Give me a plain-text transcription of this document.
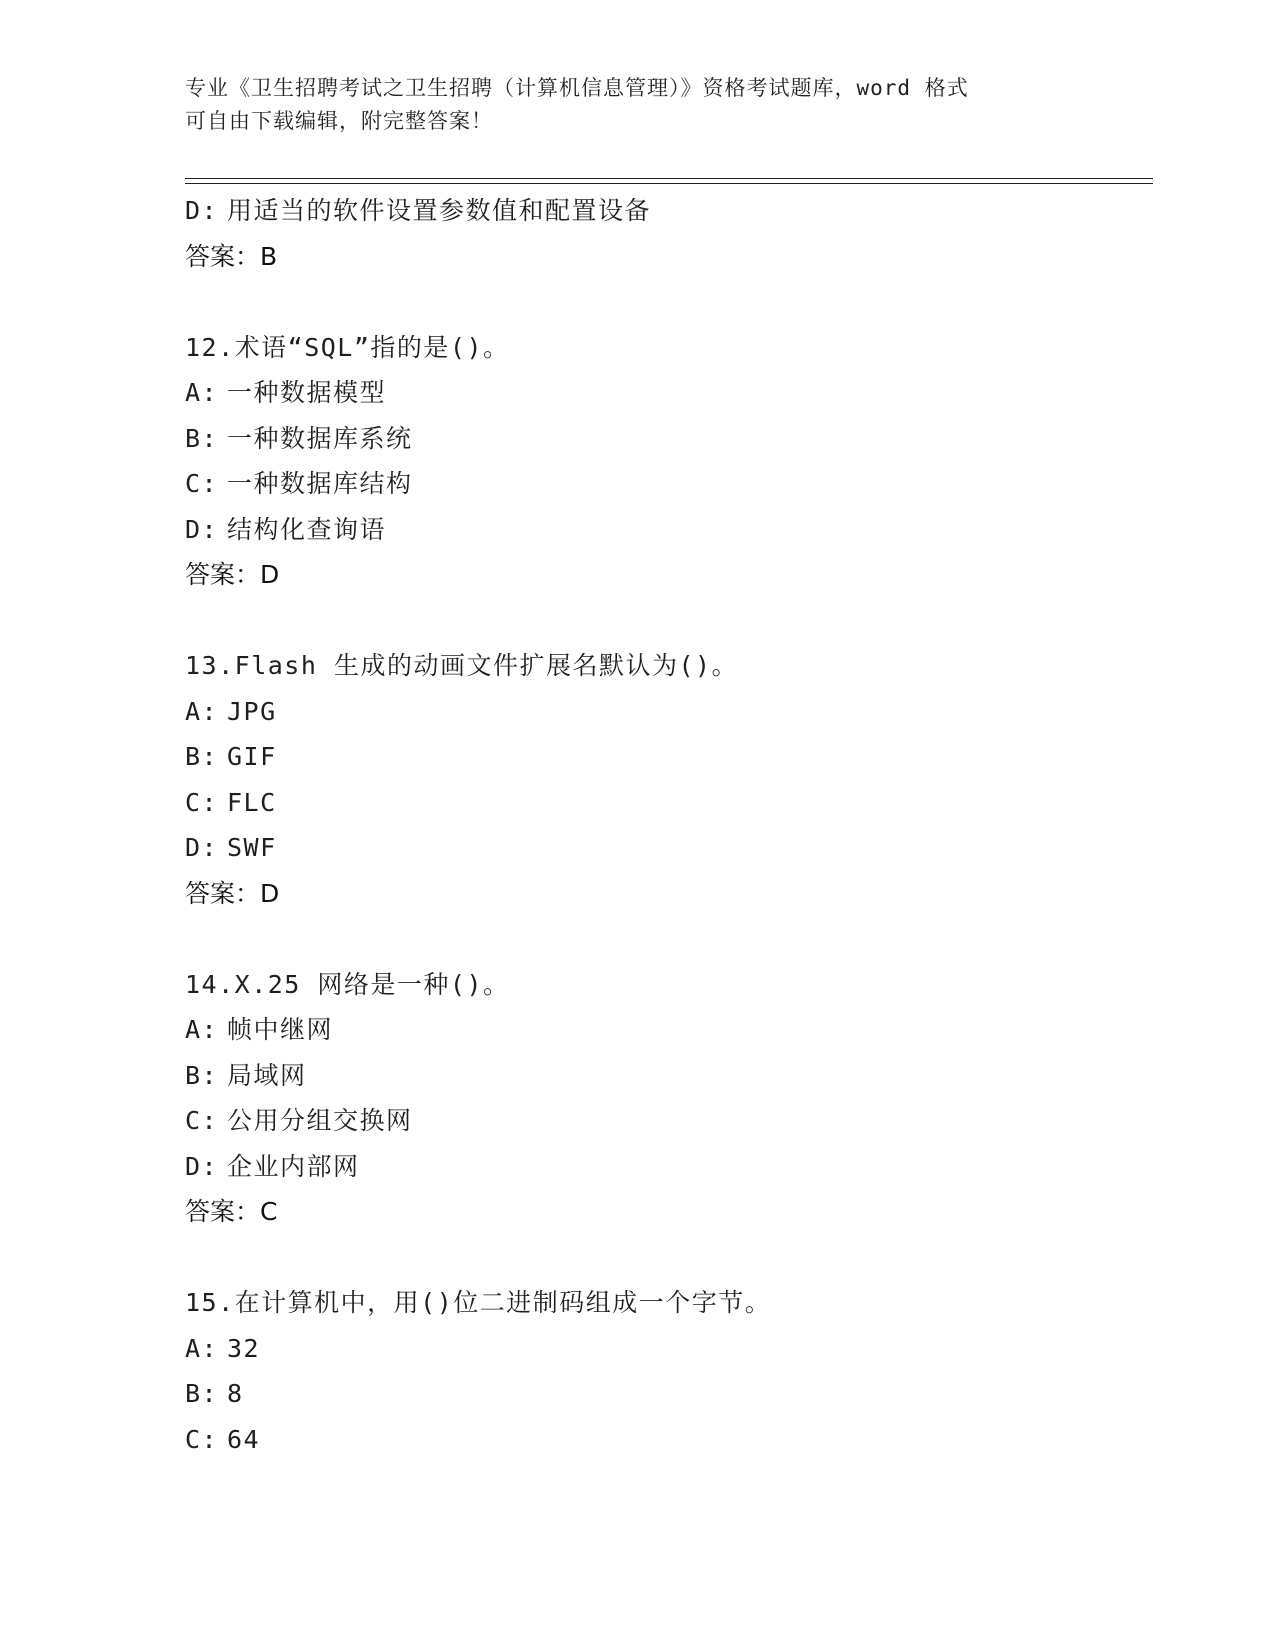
专业《卫生招聘考试之卫生招聘（计算机信息管理）》资格考试题库，word 格式
可自由下载编辑，附完整答案！
D: 用适当的软件设置参数值和配置设备
答案：B
12.术语“SQL”指的是()。
A: 一种数据模型
B: 一种数据库系统
C: 一种数据库结构
D: 结构化查询语
答案：D
13.Flash 生成的动画文件扩展名默认为()。
A: JPG
B: GIF
C: FLC
D: SWF
答案：D
14.X.25 网络是一种()。
A: 帧中继网
B: 局域网
C: 公用分组交换网
D: 企业内部网
答案：C
15.在计算机中，用()位二进制码组成一个字节。
A: 32
B: 8
C: 64
